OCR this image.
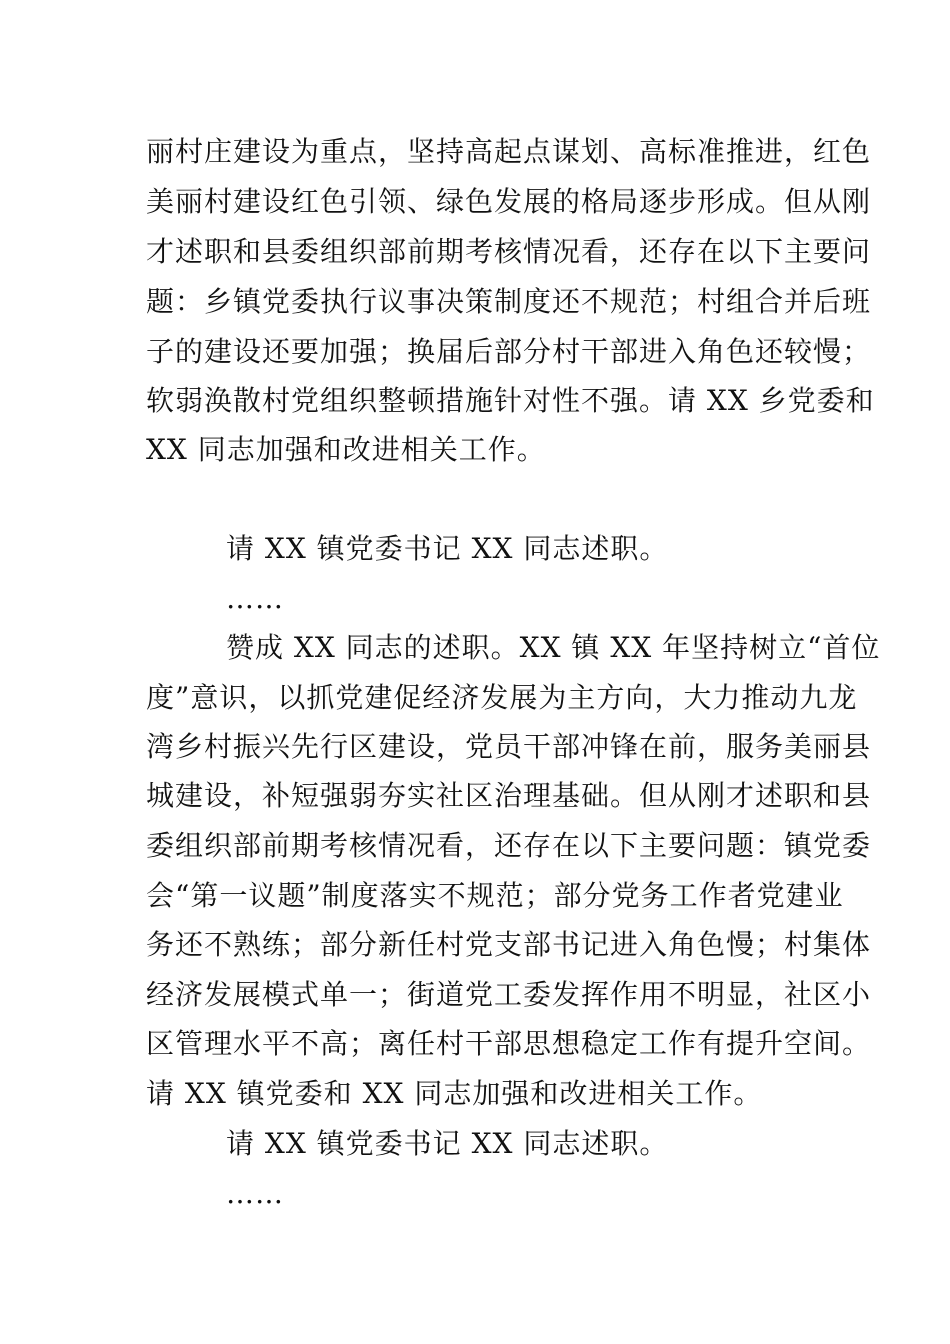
丽村庄建设为重点，坚持高起点谋划、高标准推进，红色
美丽村建设红色引领、绿色发展的格局逐步形成。但从刚
才述职和县委组织部前期考核情况看，还存在以下主要问
题：乡镇党委执行议事决策制度还不规范；村组合并后班
子的建设还要加强；换届后部分村干部进入角色还较慢；
软弱涣散村党组织整顿措施针对性不强。请 XX 乡党委和
XX 同志加强和改进相关工作。
请 XX 镇党委书记 XX 同志述职。
……
赞成 XX 同志的述职。XX 镇 XX 年坚持树立“首位
度”意识，以抓党建促经济发展为主方向，大力推动九龙
湾乡村振兴先行区建设，党员干部冲锋在前，服务美丽县
城建设，补短强弱夯实社区治理基础。但从刚才述职和县
委组织部前期考核情况看，还存在以下主要问题：镇党委
会“第一议题”制度落实不规范；部分党务工作者党建业
务还不熟练；部分新任村党支部书记进入角色慢；村集体
经济发展模式单一；街道党工委发挥作用不明显，社区小
区管理水平不高；离任村干部思想稳定工作有提升空间。
请 XX 镇党委和 XX 同志加强和改进相关工作。
请 XX 镇党委书记 XX 同志述职。
……
